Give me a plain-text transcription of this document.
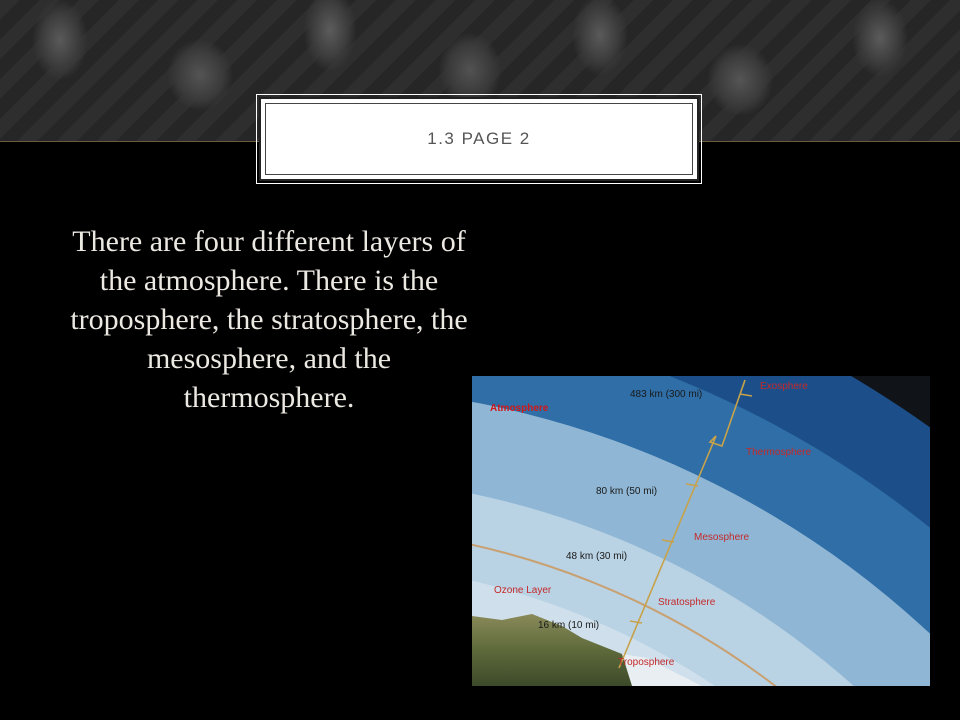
1.3 PAGE 2
There are four different layers of the atmosphere. There is the troposphere, the stratosphere, the mesosphere, and the thermosphere.	Atmosphere
483 km (300 mi)
Exosphere
Thermosphere
80 km (50 mi)
Mesosphere
48 km (30 mi)
Ozone Layer
Stratosphere
16 km (10 mi)
Troposphere
